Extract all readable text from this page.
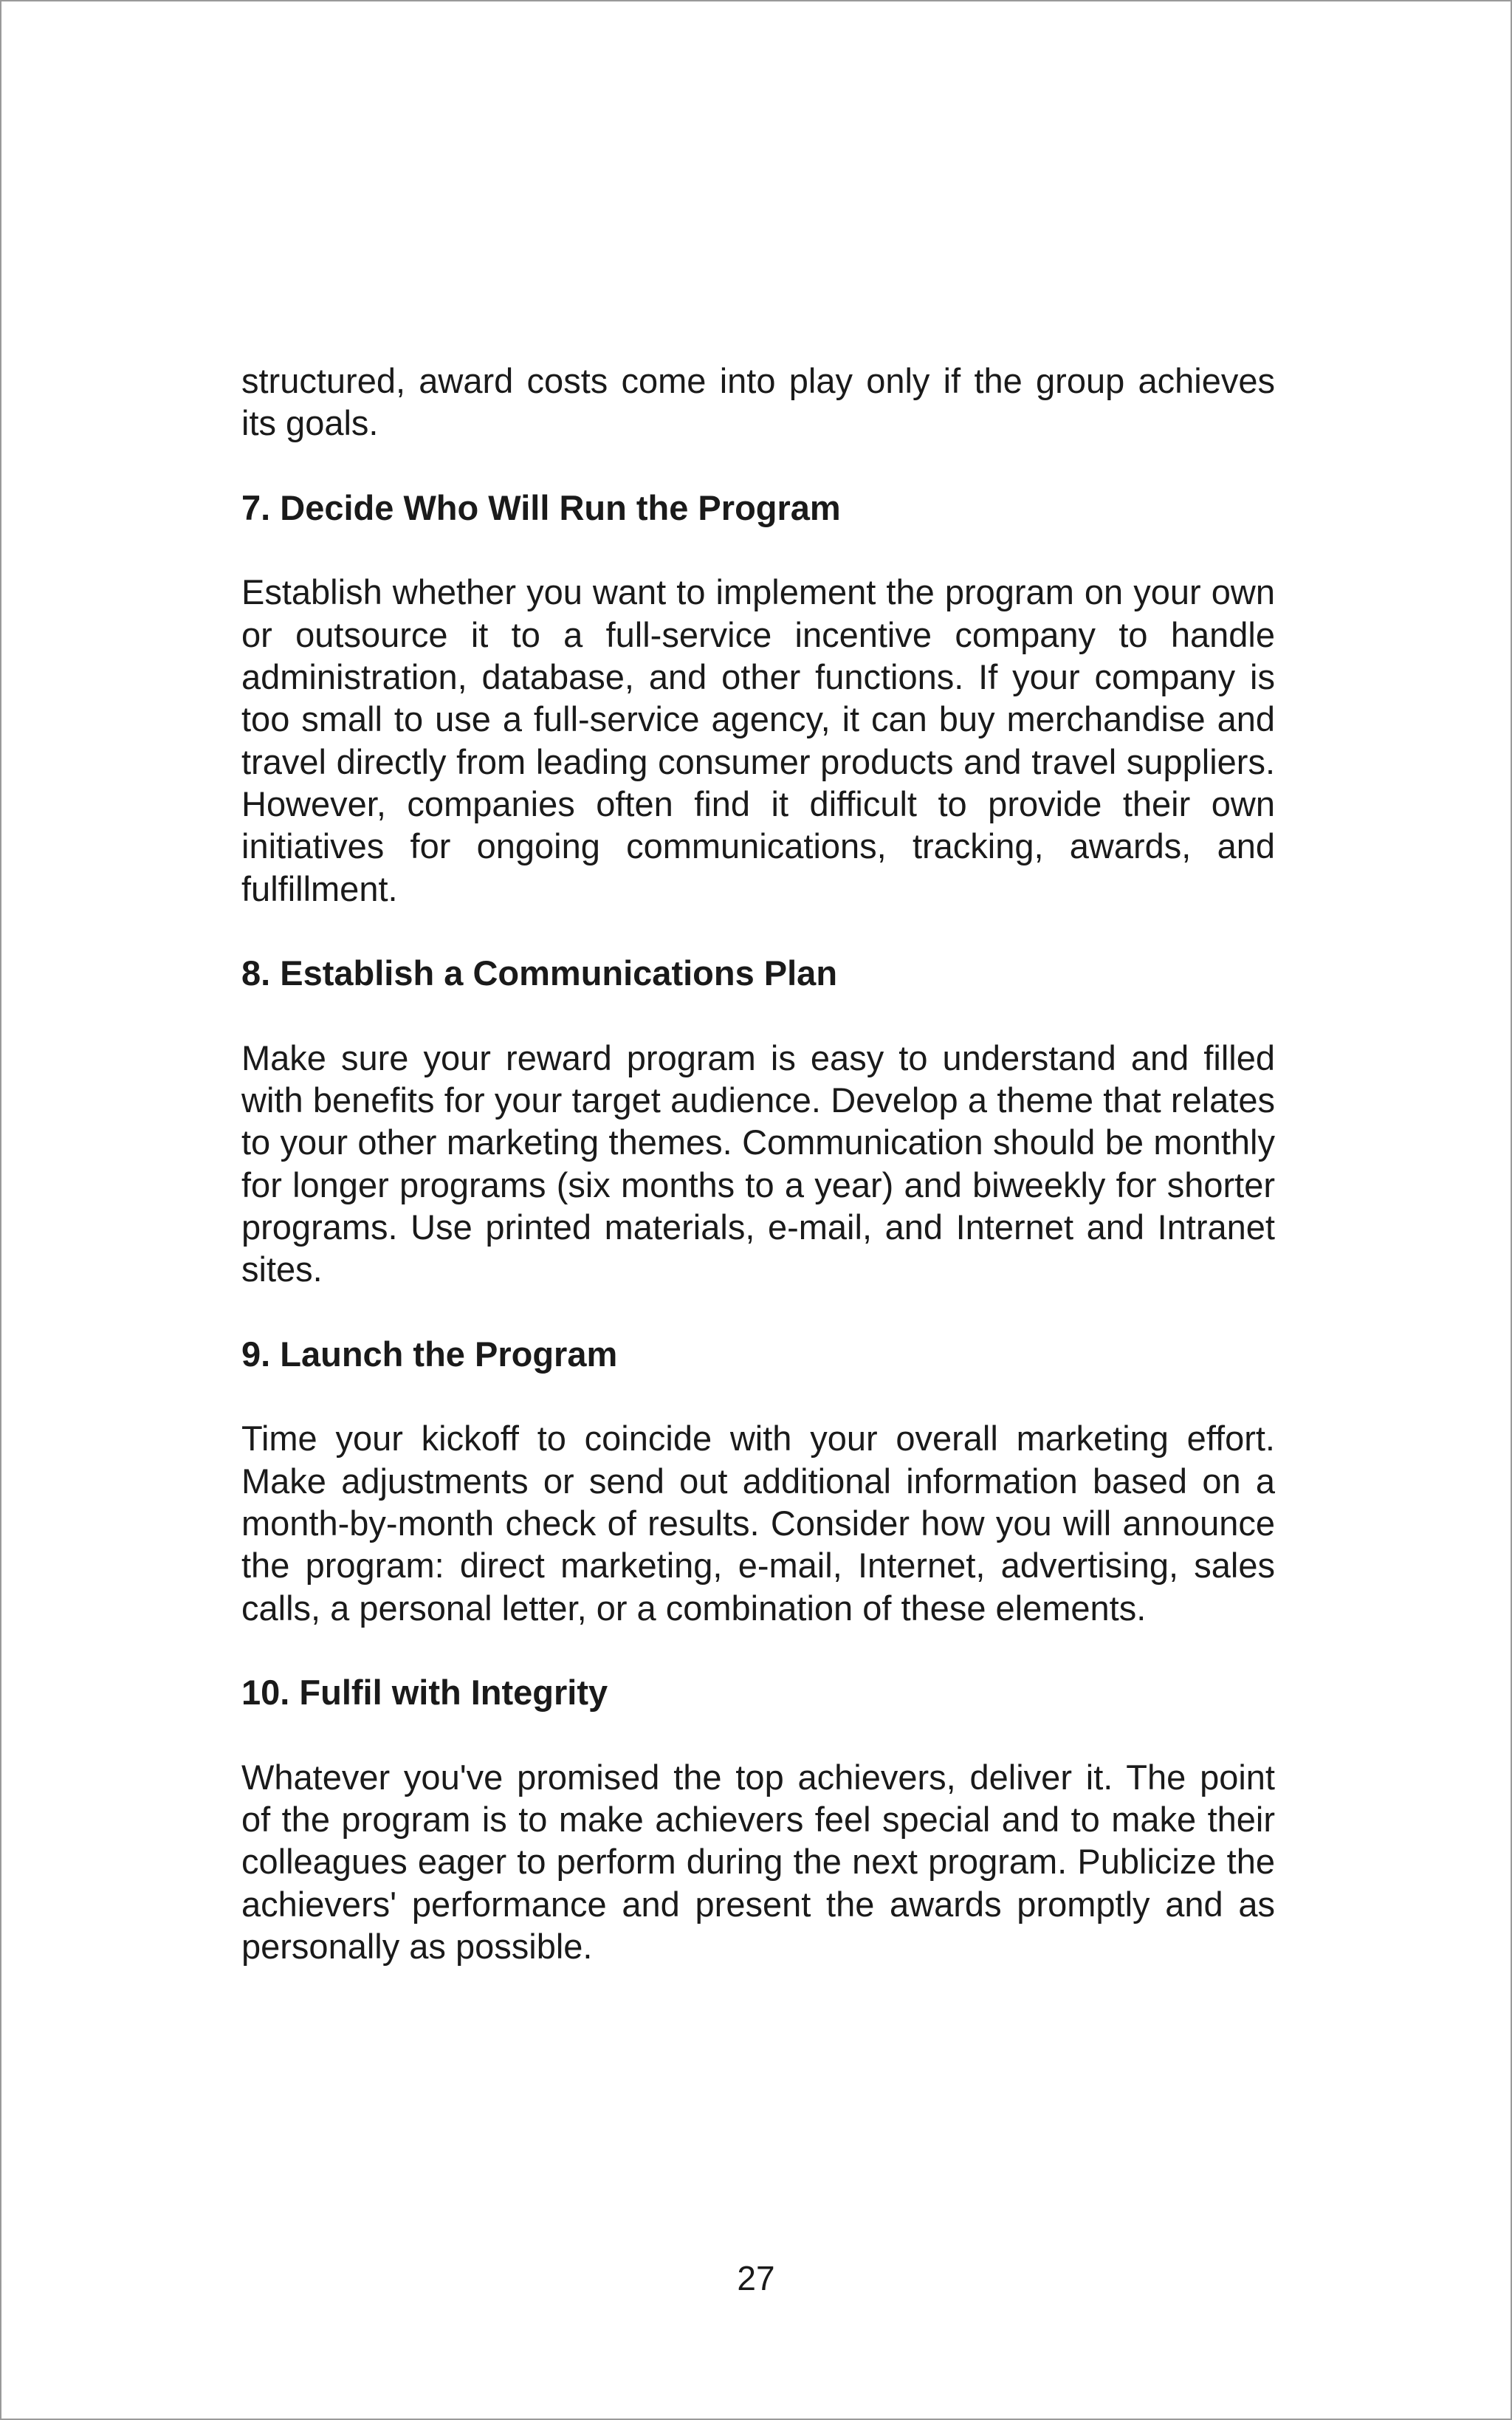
structured, award costs come into play only if the group achieves its goals.

7. Decide Who Will Run the Program

Establish whether you want to implement the program on your own or outsource it to a full-service incentive company to handle administration, database, and other functions. If your company is too small to use a full-service agency, it can buy merchandise and travel directly from leading consumer products and travel suppliers. However, companies often find it difficult to provide their own initiatives for ongoing communications, tracking, awards, and fulfillment.

8. Establish a Communications Plan

Make sure your reward program is easy to understand and filled with benefits for your target audience. Develop a theme that relates to your other marketing themes. Communication should be monthly for longer programs (six months to a year) and biweekly for shorter programs. Use printed materials, e-mail, and Internet and Intranet sites.

9. Launch the Program

Time your kickoff to coincide with your overall marketing effort. Make adjustments or send out additional information based on a month-by-month check of results. Consider how you will announce the program: direct marketing, e-mail, Internet, advertising, sales calls, a personal letter, or a combination of these elements.

10. Fulfil with Integrity

Whatever you've promised the top achievers, deliver it. The point of the program is to make achievers feel special and to make their colleagues eager to perform during the next program. Publicize the achievers' performance and present the awards promptly and as personally as possible.

27
